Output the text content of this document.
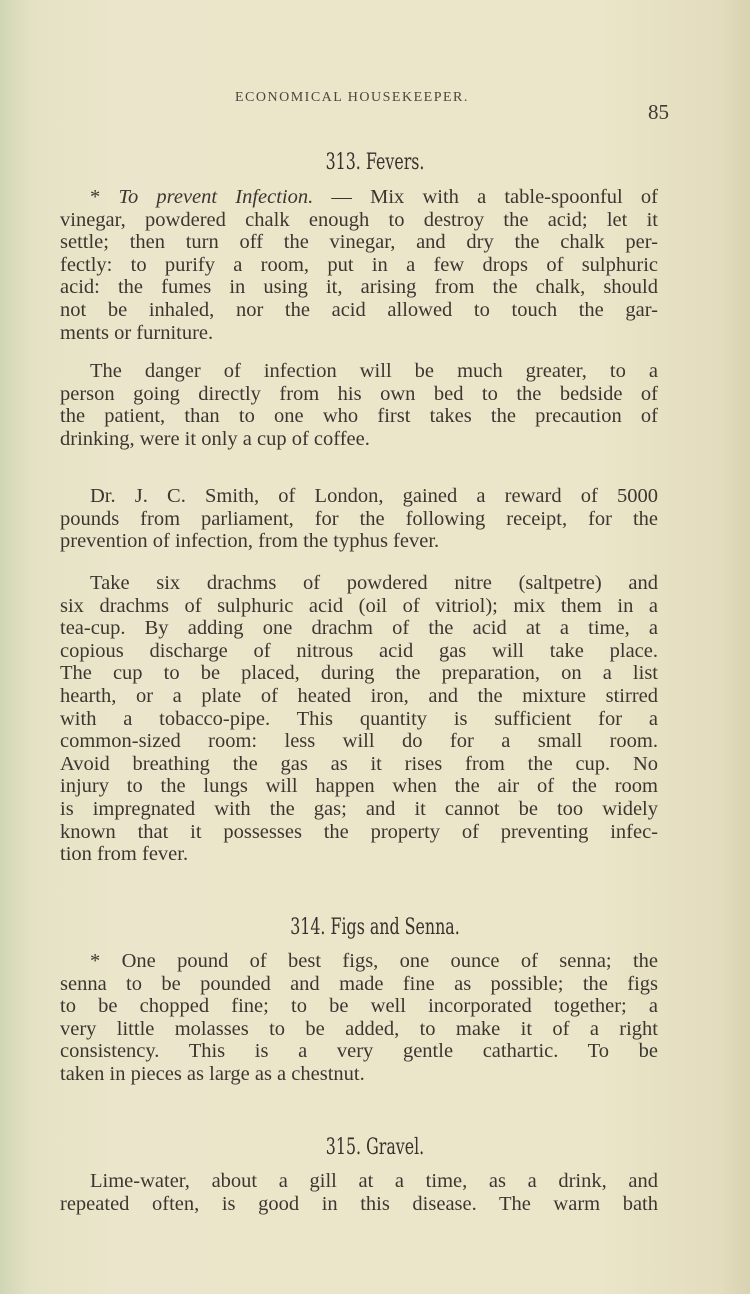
ECONOMICAL HOUSEKEEPER.
85
313. Fevers.
* To prevent Infection. — Mix with a table-spoonful of
vinegar, powdered chalk enough to destroy the acid; let it
settle; then turn off the vinegar, and dry the chalk per-
fectly: to purify a room, put in a few drops of sulphuric
acid: the fumes in using it, arising from the chalk, should
not be inhaled, nor the acid allowed to touch the gar-
ments or furniture.
The danger of infection will be much greater, to a
person going directly from his own bed to the bedside of
the patient, than to one who first takes the precaution of
drinking, were it only a cup of coffee.
Dr. J. C. Smith, of London, gained a reward of 5000
pounds from parliament, for the following receipt, for the
prevention of infection, from the typhus fever.
Take six drachms of powdered nitre (saltpetre) and
six drachms of sulphuric acid (oil of vitriol); mix them in a
tea-cup. By adding one drachm of the acid at a time, a
copious discharge of nitrous acid gas will take place.
The cup to be placed, during the preparation, on a list
hearth, or a plate of heated iron, and the mixture stirred
with a tobacco-pipe. This quantity is sufficient for a
common-sized room: less will do for a small room.
Avoid breathing the gas as it rises from the cup. No
injury to the lungs will happen when the air of the room
is impregnated with the gas; and it cannot be too widely
known that it possesses the property of preventing infec-
tion from fever.
314. Figs and Senna.
* One pound of best figs, one ounce of senna; the
senna to be pounded and made fine as possible; the figs
to be chopped fine; to be well incorporated together; a
very little molasses to be added, to make it of a right
consistency. This is a very gentle cathartic. To be
taken in pieces as large as a chestnut.
315. Gravel.
Lime-water, about a gill at a time, as a drink, and
repeated often, is good in this disease. The warm bath
